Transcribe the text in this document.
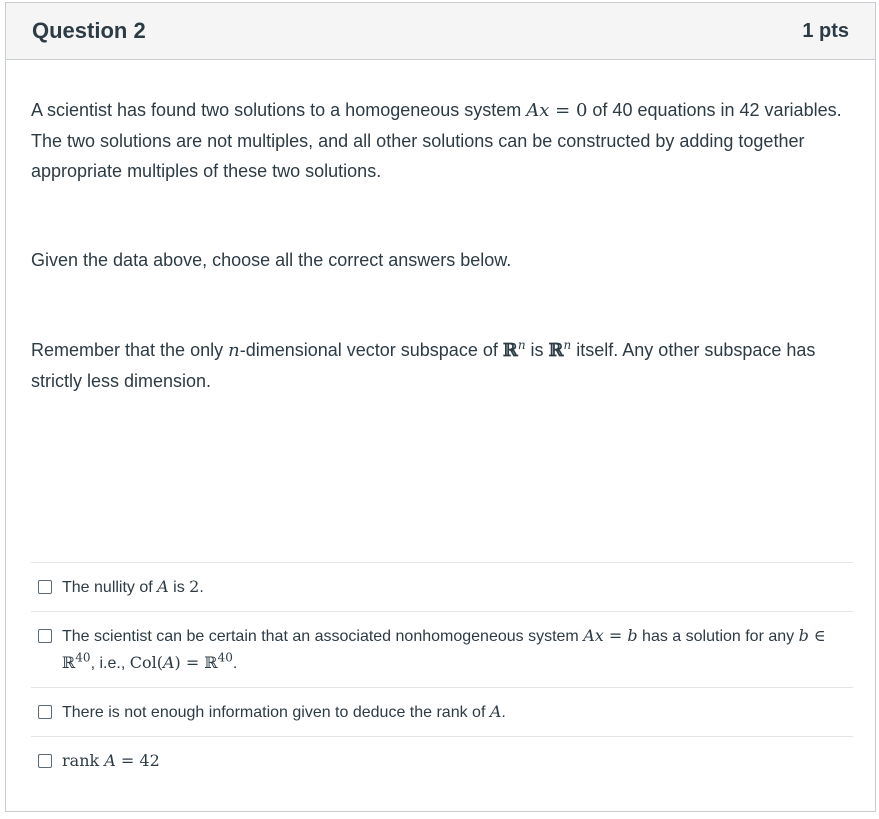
Question 2	1 pts

A scientist has found two solutions to a homogeneous system Ax = 0 of 40 equations in 42 variables. The two solutions are not multiples, and all other solutions can be constructed by adding together appropriate multiples of these two solutions.

Given the data above, choose all the correct answers below.

Remember that the only n-dimensional vector subspace of ℝ$^n$ is ℝ$^n$ itself. Any other subspace has strictly less dimension.

The nullity of A is 2.
The scientist can be certain that an associated nonhomogeneous system Ax = b has a solution for any b ∈ ℝ$^{40}$, i.e., Col(A) = ℝ$^{40}$.
There is not enough information given to deduce the rank of A.
rank A = 42
